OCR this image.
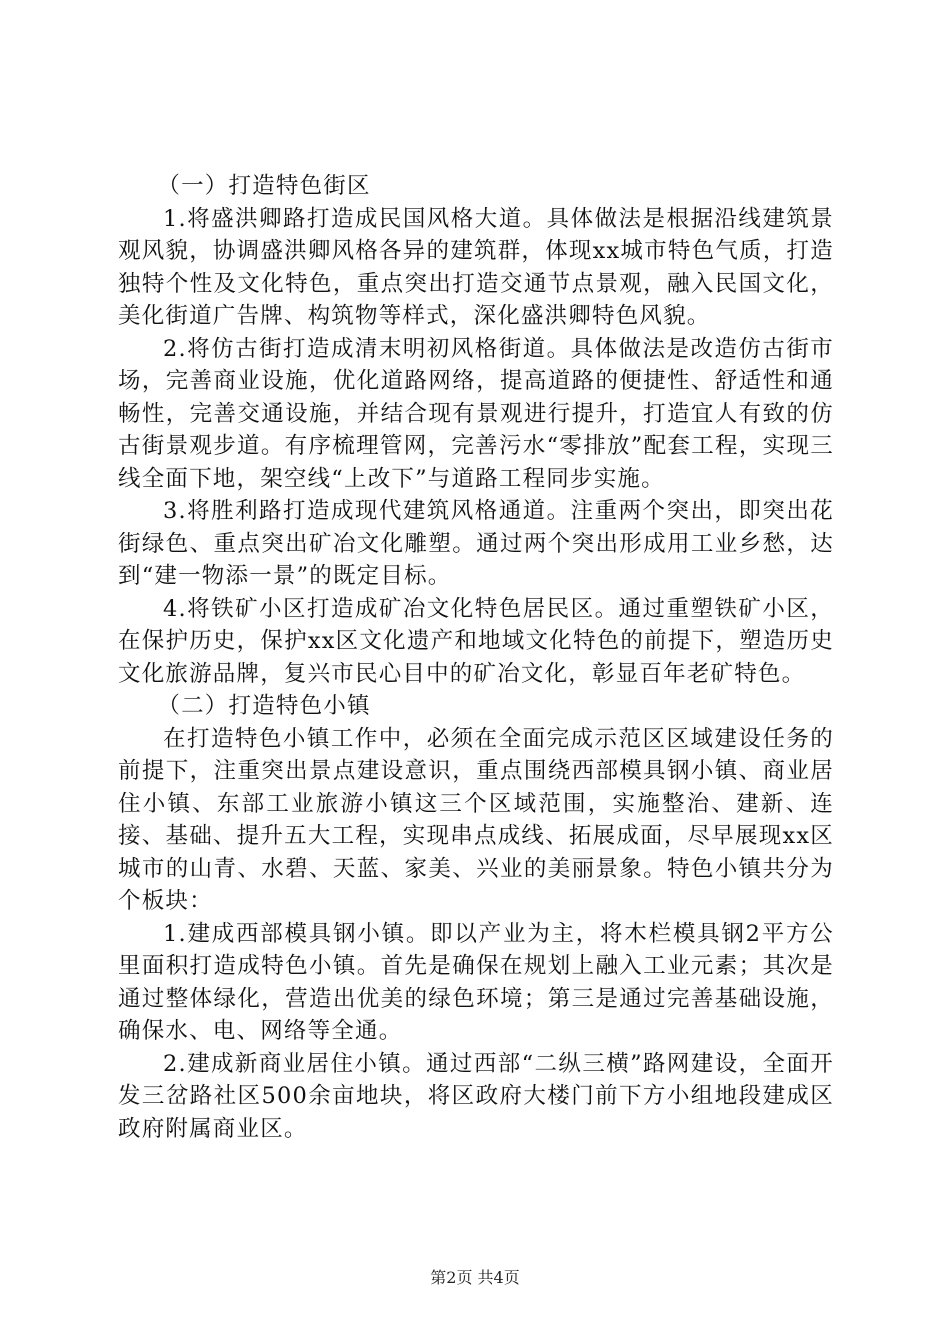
（一）打造特色街区

1.将盛洪卿路打造成民国风格大道。具体做法是根据沿线建筑景观风貌，协调盛洪卿风格各异的建筑群，体现xx城市特色气质，打造独特个性及文化特色，重点突出打造交通节点景观，融入民国文化，美化街道广告牌、构筑物等样式，深化盛洪卿特色风貌。

2.将仿古街打造成清末明初风格街道。具体做法是改造仿古街市场，完善商业设施，优化道路网络，提高道路的便捷性、舒适性和通畅性，完善交通设施，并结合现有景观进行提升，打造宜人有致的仿古街景观步道。有序梳理管网，完善污水“零排放”配套工程，实现三线全面下地，架空线“上改下”与道路工程同步实施。

3.将胜利路打造成现代建筑风格通道。注重两个突出，即突出花街绿色、重点突出矿冶文化雕塑。通过两个突出形成用工业乡愁，达到“建一物添一景”的既定目标。

4.将铁矿小区打造成矿冶文化特色居民区。通过重塑铁矿小区，在保护历史，保护xx区文化遗产和地域文化特色的前提下，塑造历史文化旅游品牌，复兴市民心目中的矿冶文化，彰显百年老矿特色。

（二）打造特色小镇

在打造特色小镇工作中，必须在全面完成示范区区域建设任务的前提下，注重突出景点建设意识，重点围绕西部模具钢小镇、商业居住小镇、东部工业旅游小镇这三个区域范围，实施整治、建新、连接、基础、提升五大工程，实现串点成线、拓展成面，尽早展现xx区城市的山青、水碧、天蓝、家美、兴业的美丽景象。特色小镇共分为个板块：

1.建成西部模具钢小镇。即以产业为主，将木栏模具钢2平方公里面积打造成特色小镇。首先是确保在规划上融入工业元素；其次是通过整体绿化，营造出优美的绿色环境；第三是通过完善基础设施，确保水、电、网络等全通。

2.建成新商业居住小镇。通过西部“二纵三横”路网建设，全面开发三岔路社区500余亩地块，将区政府大楼门前下方小组地段建成区政府附属商业区。

第2页 共4页
